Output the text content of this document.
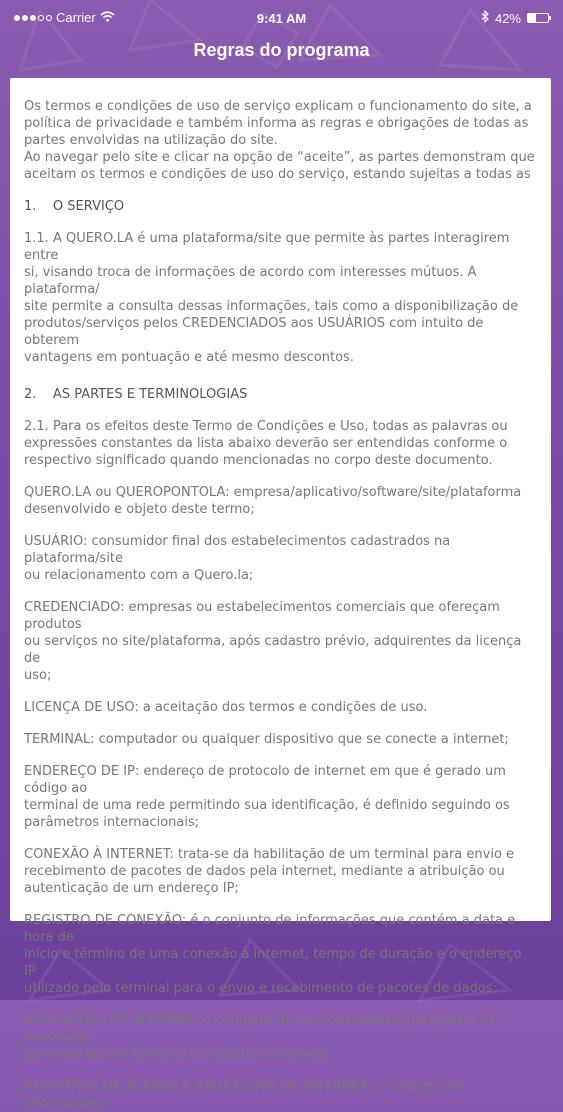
Carrier	9:41 AM	42%
Regras do programa

Os termos e condições de uso de serviço explicam o funcionamento do site, a
política de privacidade e também informa as regras e obrigações de todas as
partes envolvidas na utilização do site.
Ao navegar pelo site e clicar na opção de “aceite”, as partes demonstram que
aceitam os termos e condições de uso do serviço, estando sujeitas a todas as

1.    O SERVIÇO

1.1. A QUERO.LA é uma plataforma/site que permite às partes interagirem entre
si, visando troca de informações de acordo com interesses mútuos. A plataforma/
site permite a consulta dessas informações, tais como a disponibilização de
produtos/serviços pelos CREDENCIADOS aos USUÁRIOS com intuito de obterem
vantagens em pontuação e até mesmo descontos.

2.    AS PARTES E TERMINOLOGIAS

2.1. Para os efeitos deste Termo de Condições e Uso, todas as palavras ou
expressões constantes da lista abaixo deverão ser entendidas conforme o
respectivo significado quando mencionadas no corpo deste documento.

QUERO.LA ou QUEROPONTOLA: empresa/aplicativo/software/site/plataforma
desenvolvido e objeto deste termo;

USUÁRIO: consumidor final dos estabelecimentos cadastrados na plataforma/site
ou relacionamento com a Quero.la;

CREDENCIADO: empresas ou estabelecimentos comerciais que ofereçam produtos
ou serviços no site/plataforma, após cadastro prévio, adquirentes da licença de
uso;

LICENÇA DE USO: a aceitação dos termos e condições de uso.

TERMINAL: computador ou qualquer dispositivo que se conecte a internet;

ENDEREÇO DE IP: endereço de protocolo de internet em que é gerado um código ao
terminal de uma rede permitindo sua identificação, é definido seguindo os
parâmetros internacionais;

CONEXÃO À INTERNET: trata-se da habilitação de um terminal para envio e
recebimento de pacotes de dados pela internet, mediante a atribuição ou
autenticação de um endereço IP;

REGISTRO DE CONEXÃO: é o conjunto de informações que contém a data e hora de
início e término de uma conexão à internet, tempo de duração e o endereço IP
utilizado pelo terminal para o envio e recebimento de pacotes de dados;

APLICAÇÕES DE INTERNET: o conjunto de funcionalidades que podem ser acessadas
por meio de um terminal conectado à internet;

REGISTROS DE ACESSO A APLICAÇÕES DE INTERNET: o conjunto de informações
